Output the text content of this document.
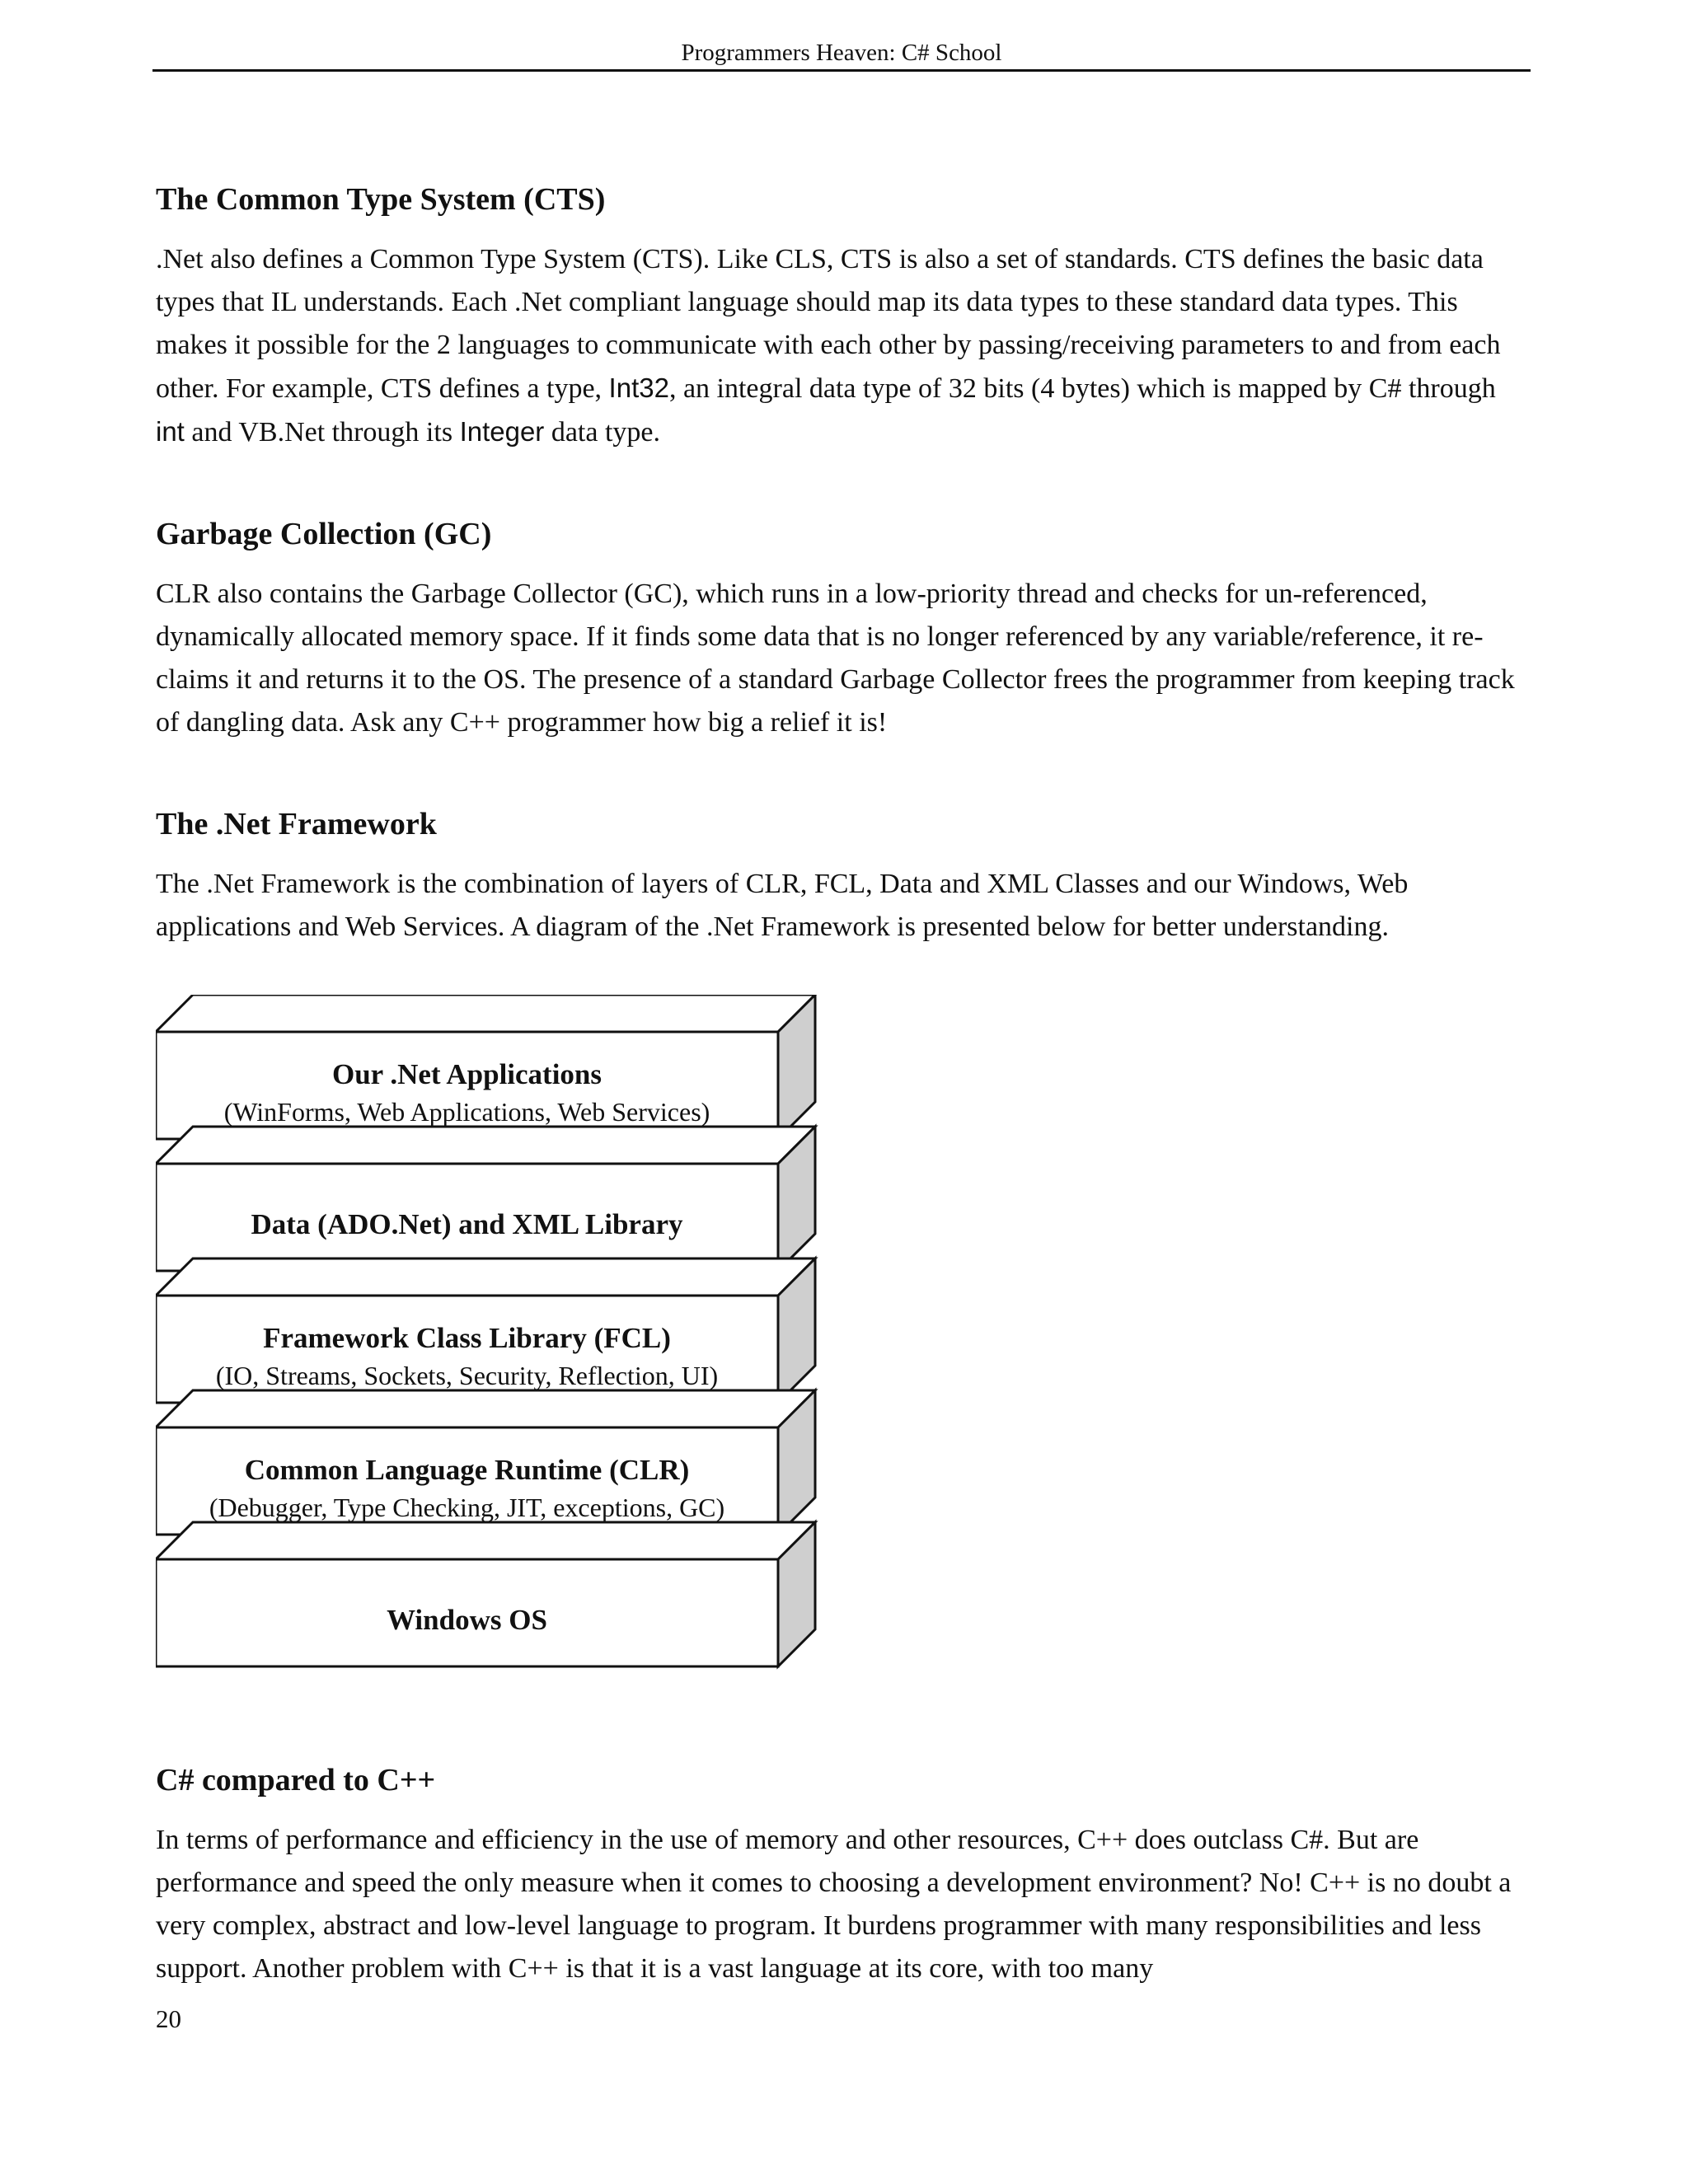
Programmers Heaven: C# School
The Common Type System (CTS)

.Net also defines a Common Type System (CTS). Like CLS, CTS is also a set of standards. CTS defines the basic data types that IL understands. Each .Net compliant language should map its data types to these standard data types. This makes it possible for the 2 languages to communicate with each other by passing/receiving parameters to and from each other. For example, CTS defines a type, Int32, an integral data type of 32 bits (4 bytes) which is mapped by C# through int and VB.Net through its Integer data type.

Garbage Collection (GC)

CLR also contains the Garbage Collector (GC), which runs in a low-priority thread and checks for un-referenced, dynamically allocated memory space. If it finds some data that is no longer referenced by any variable/reference, it re-claims it and returns it to the OS. The presence of a standard Garbage Collector frees the programmer from keeping track of dangling data. Ask any C++ programmer how big a relief it is!

The .Net Framework

The .Net Framework is the combination of layers of CLR, FCL, Data and XML Classes and our Windows, Web applications and Web Services. A diagram of the .Net Framework is presented below for better understanding.

Our .Net Applications
(WinForms, Web Applications, Web Services)
Data (ADO.Net) and XML Library
Framework Class Library (FCL)
(IO, Streams, Sockets, Security, Reflection, UI)
Common Language Runtime (CLR)
(Debugger, Type Checking, JIT, exceptions, GC)
Windows OS
C# compared to C++

In terms of performance and efficiency in the use of memory and other resources, C++ does outclass C#. But are performance and speed the only measure when it comes to choosing a development environment? No! C++ is no doubt a very complex, abstract and low-level language to program. It burdens programmer with many responsibilities and less support. Another problem with C++ is that it is a vast language at its core, with too many

20
